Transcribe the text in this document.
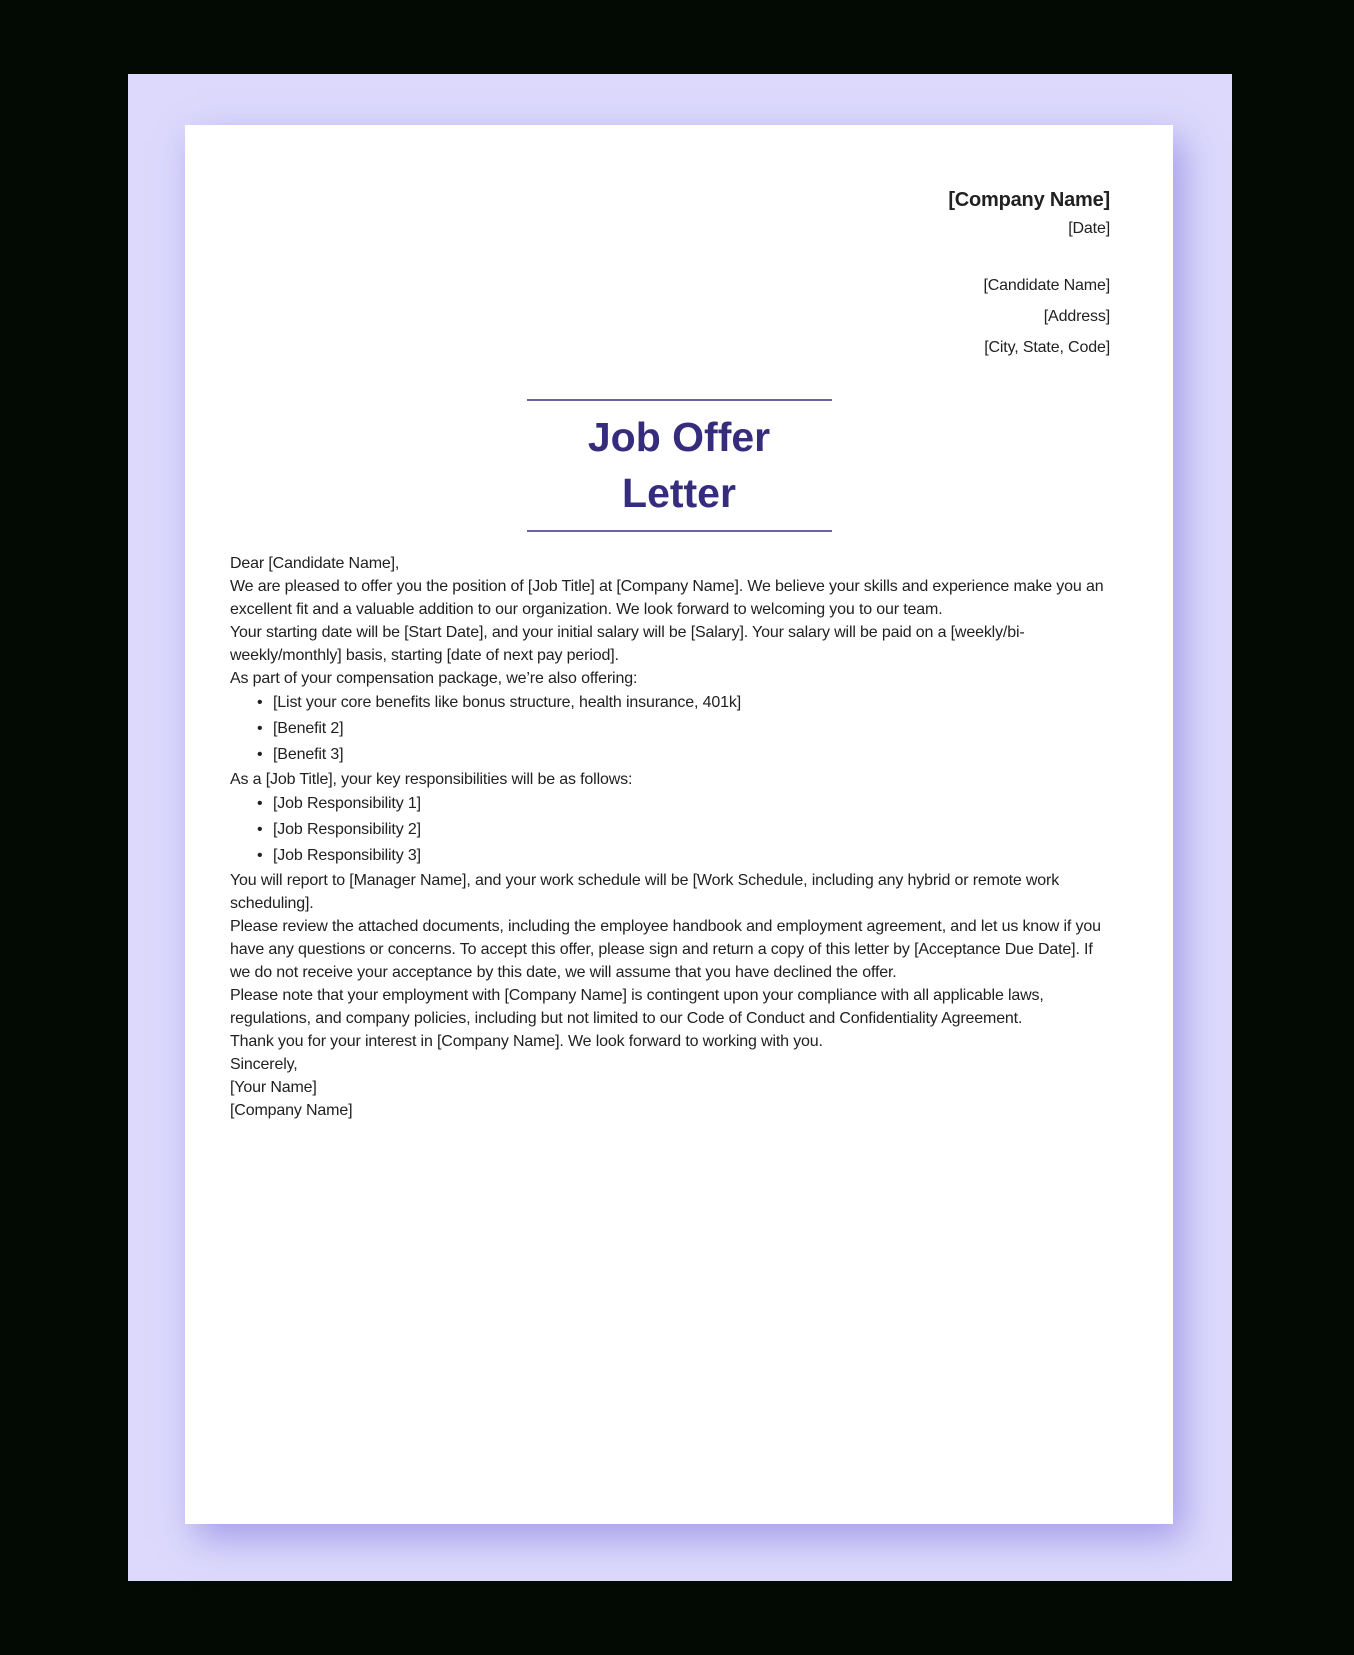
[Company Name]
[Date]
[Candidate Name]
[Address]
[City, State, Code]
Job Offer Letter

Dear [Candidate Name],

We are pleased to offer you the position of [Job Title] at [Company Name]. We believe your skills and experience make you an excellent fit and a valuable addition to our organization. We look forward to welcoming you to our team.

Your starting date will be [Start Date], and your initial salary will be [Salary]. Your salary will be paid on a [weekly/bi-weekly/monthly] basis, starting [date of next pay period].

As part of your compensation package, we’re also offering:

• [List your core benefits like bonus structure, health insurance, 401k]
• [Benefit 2]
• [Benefit 3]

As a [Job Title], your key responsibilities will be as follows:

• [Job Responsibility 1]
• [Job Responsibility 2]
• [Job Responsibility 3]

You will report to [Manager Name], and your work schedule will be [Work Schedule, including any hybrid or remote work scheduling].

Please review the attached documents, including the employee handbook and employment agreement, and let us know if you have any questions or concerns. To accept this offer, please sign and return a copy of this letter by [Acceptance Due Date]. If we do not receive your acceptance by this date, we will assume that you have declined the offer.

Please note that your employment with [Company Name] is contingent upon your compliance with all applicable laws, regulations, and company policies, including but not limited to our Code of Conduct and Confidentiality Agreement.

Thank you for your interest in [Company Name]. We look forward to working with you.

Sincerely,

[Your Name]

[Company Name]
